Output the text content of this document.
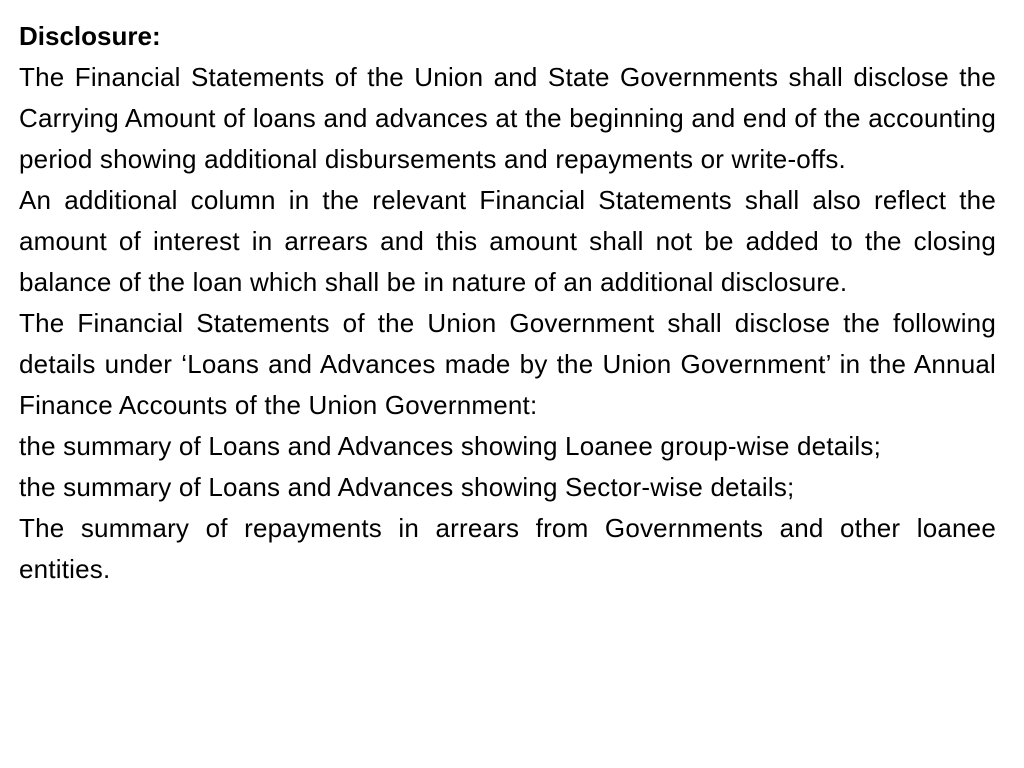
Disclosure:

The Financial Statements of the Union and State Governments shall disclose the Carrying Amount of loans and advances at the beginning and end of the accounting period showing additional disbursements and repayments or write-offs.

An additional column in the relevant Financial Statements shall also reflect the amount of interest in arrears and this amount shall not be added to the closing balance of the loan which shall be in nature of an additional disclosure.

The Financial Statements of the Union Government shall disclose the following details under ‘Loans and Advances made by the Union Government’ in the Annual Finance Accounts of the Union Government:

the summary of Loans and Advances showing Loanee group-wise details;

the summary of Loans and Advances showing Sector-wise details;

The summary of repayments in arrears from Governments and other loanee entities.
